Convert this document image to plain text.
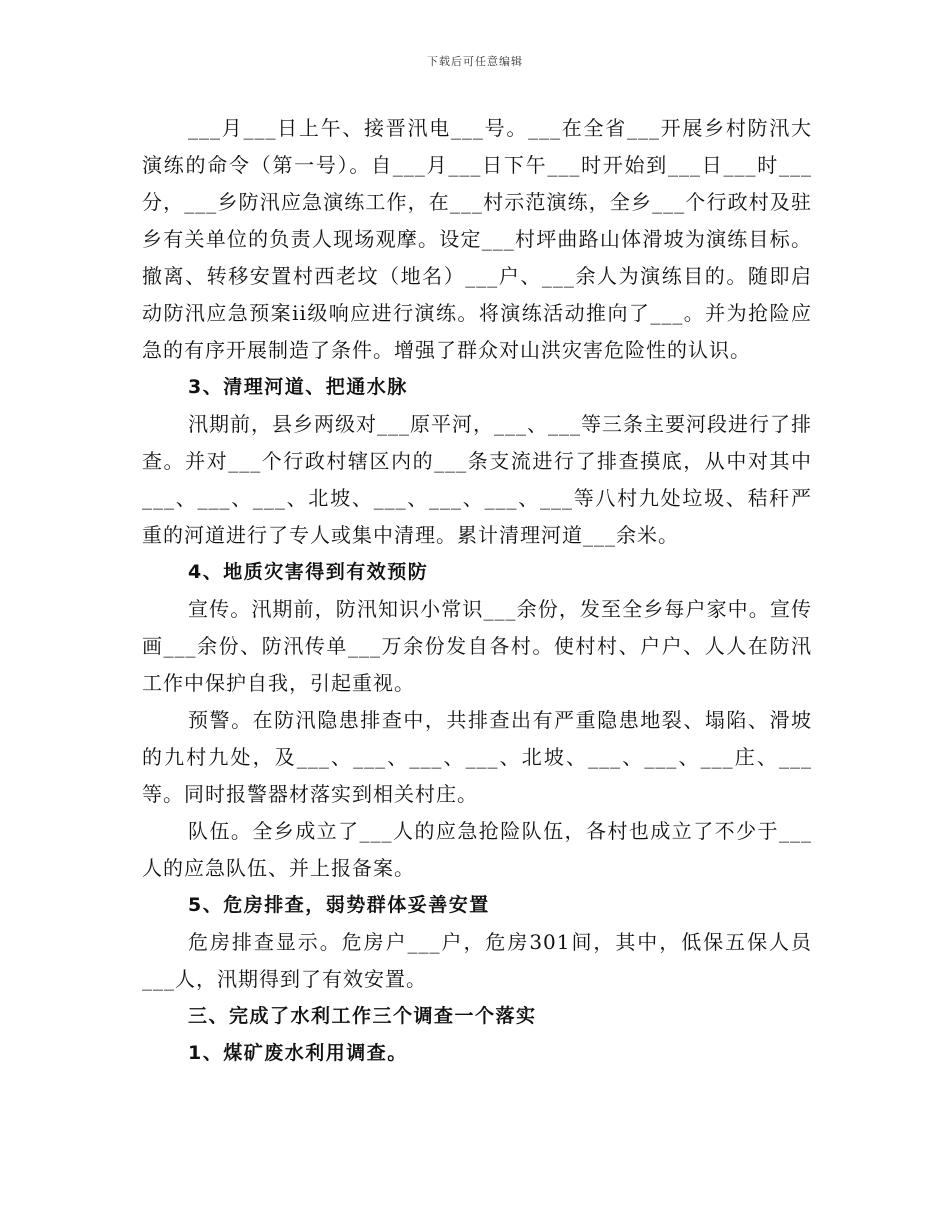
下载后可任意编辑

___月___日上午、接晋汛电___号。___在全省___开展乡村防汛大演练的命令（第一号）。自___月___日下午___时开始到___日___时___分，___乡防汛应急演练工作，在___村示范演练，全乡___个行政村及驻乡有关单位的负责人现场观摩。设定___村坪曲路山体滑坡为演练目标。撤离、转移安置村西老坟（地名）___户、___余人为演练目的。随即启动防汛应急预案ii级响应进行演练。将演练活动推向了___。并为抢险应急的有序开展制造了条件。增强了群众对山洪灾害危险性的认识。

3、清理河道、把通水脉

汛期前，县乡两级对___原平河，___、___等三条主要河段进行了排查。并对___个行政村辖区内的___条支流进行了排查摸底，从中对其中___、___、___、北坡、___、___、___、___等八村九处垃圾、秸秆严重的河道进行了专人或集中清理。累计清理河道___余米。

4、地质灾害得到有效预防

宣传。汛期前，防汛知识小常识___余份，发至全乡每户家中。宣传画___余份、防汛传单___万余份发自各村。使村村、户户、人人在防汛工作中保护自我，引起重视。

预警。在防汛隐患排查中，共排查出有严重隐患地裂、塌陷、滑坡的九村九处，及___、___、___、___、北坡、___、___、___庄、___等。同时报警器材落实到相关村庄。

队伍。全乡成立了___人的应急抢险队伍，各村也成立了不少于___人的应急队伍、并上报备案。

5、危房排查，弱势群体妥善安置

危房排查显示。危房户___户，危房301间，其中，低保五保人员___人，汛期得到了有效安置。

三、完成了水利工作三个调查一个落实

1、煤矿废水利用调查。
